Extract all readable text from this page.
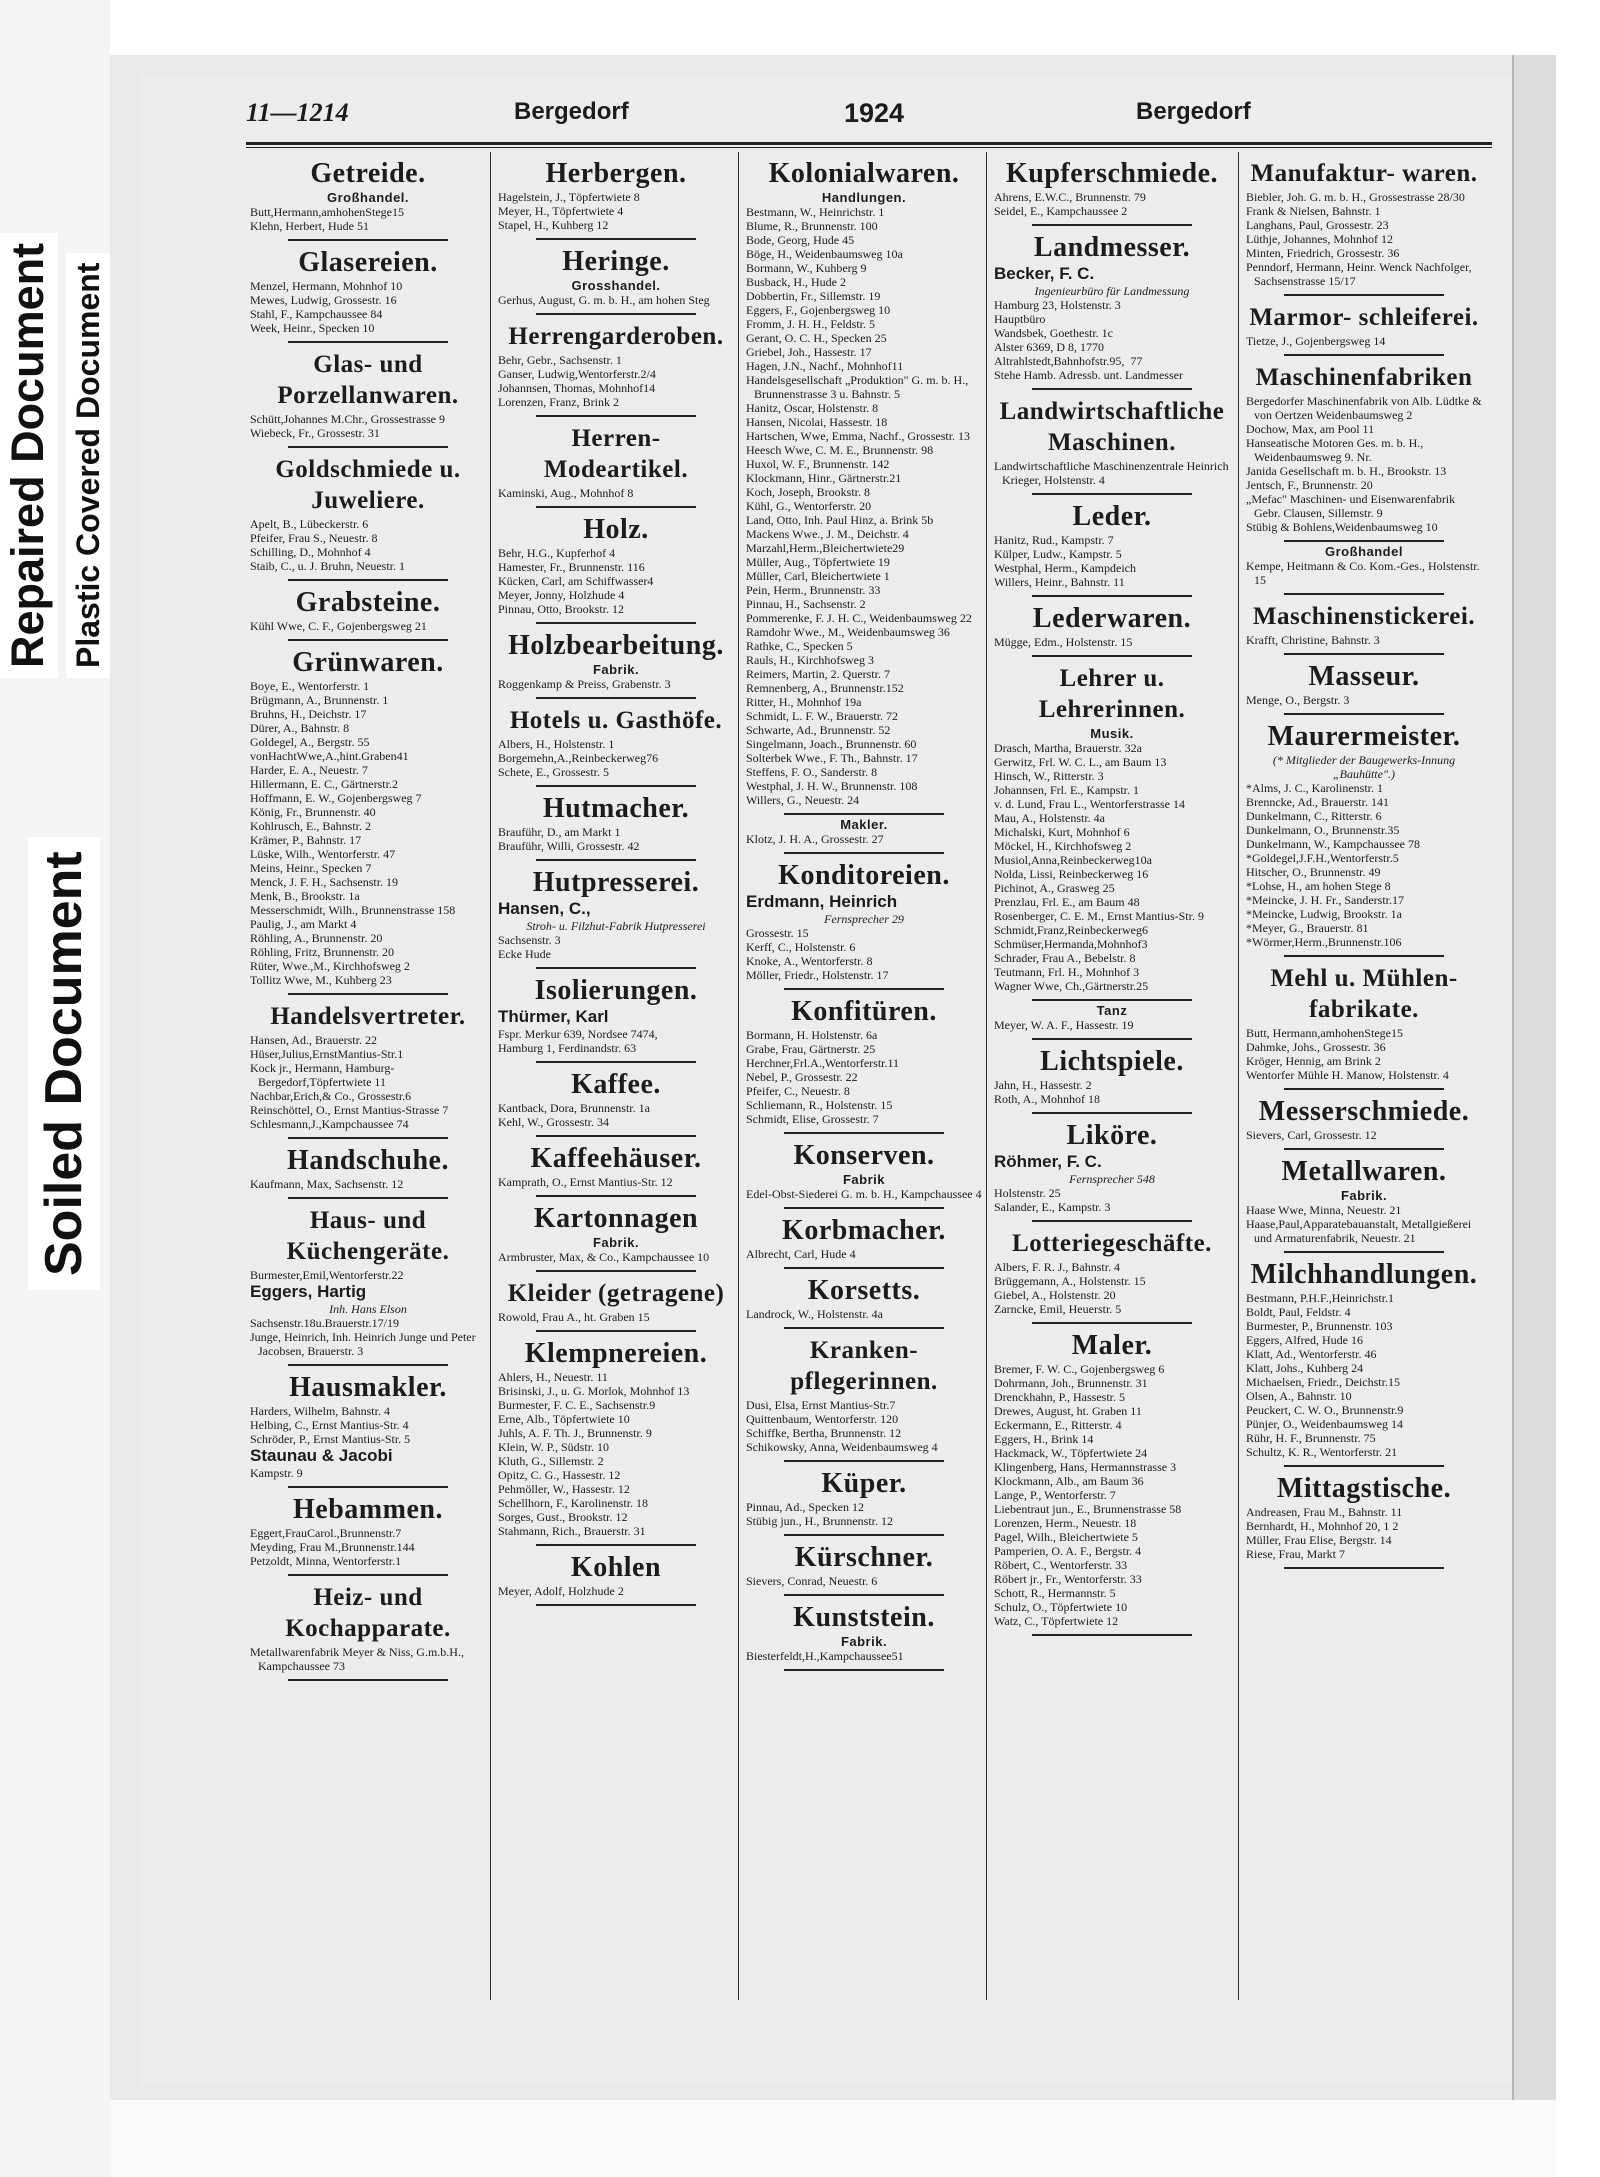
Repaired Document Plastic Covered Document
Soiled Document
11—1214	Bergedorf	1924	Bergedorf
Getreide.
Großhandel.
Butt,Hermann,amhohenStege15
Klehn, Herbert, Hude 51
Glasereien.
Menzel, Hermann, Mohnhof 10
Mewes, Ludwig, Grossestr. 16
Stahl, F., Kampchaussee 84
Week, Heinr., Specken 10
Glas- und Porzellanwaren.
Schütt,Johannes M.Chr., Grossestrasse 9
Wiebeck, Fr., Grossestr. 31
Goldschmiede u. Juweliere.
Apelt, B., Lübeckerstr. 6
Pfeifer, Frau S., Neuestr. 8
Schilling, D., Mohnhof 4
Staib, C., u. J. Bruhn, Neuestr. 1
Grabsteine.
Kühl Wwe, C. F., Gojenbergsweg 21
Grünwaren.
Boye, E., Wentorferstr. 1
Brügmann, A., Brunnenstr. 1
Bruhns, H., Deichstr. 17
Dürer, A., Bahnstr. 8
Goldegel, A., Bergstr. 55
vonHachtWwe,A.,hint.Graben41
Harder, E. A., Neuestr. 7
Hillermann, E. C., Gärtnerstr.2
Hoffmann, E. W., Gojenbergsweg 7
König, Fr., Brunnenstr. 40
Kohlrusch, E., Bahnstr. 2
Krämer, P., Bahnstr. 17
Lüske, Wilh., Wentorferstr. 47
Meins, Heinr., Specken 7
Menck, J. F. H., Sachsenstr. 19
Menk, B., Brookstr. 1a
Messerschmidt, Wilh., Brunnenstrasse 158
Paulig, J., am Markt 4
Röhling, A., Brunnenstr. 20
Röhling, Fritz, Brunnenstr. 20
Rüter, Wwe.,M., Kirchhofsweg 2
Tollitz Wwe, M., Kuhberg 23
Handelsvertreter.
Hansen, Ad., Brauerstr. 22
Hüser,Julius,ErnstMantius-Str.1
Kock jr., Hermann, Hamburg-Bergedorf,Töpfertwiete 11
Nachbar,Erich,& Co., Grossestr.6
Reinschöttel, O., Ernst Mantius-Strasse 7
Schlesmann,J.,Kampchaussee 74
Handschuhe.
Kaufmann, Max, Sachsenstr. 12
Haus- und Küchengeräte.
Burmester,Emil,Wentorferstr.22
Eggers, Hartig
Inh. Hans Elson
Sachsenstr.18u.Brauerstr.17/19
Junge, Heinrich, Inh. Heinrich Junge und Peter Jacobsen, Brauerstr. 3
Hausmakler.
Harders, Wilhelm, Bahnstr. 4
Helbing, C., Ernst Mantius-Str. 4
Schröder, P., Ernst Mantius-Str. 5
Staunau & Jacobi
Kampstr. 9
Hebammen.
Eggert,FrauCarol.,Brunnenstr.7
Meyding, Frau M.,Brunnenstr.144
Petzoldt, Minna, Wentorferstr.1
Heiz- und Kochapparate.
Metallwarenfabrik Meyer & Niss, G.m.b.H., Kampchaussee 73
Herbergen.
Hagelstein, J., Töpfertwiete 8
Meyer, H., Töpfertwiete 4
Stapel, H., Kuhberg 12
Heringe.
Grosshandel.
Gerhus, August, G. m. b. H., am hohen Steg
Herrengarderoben.
Behr, Gebr., Sachsenstr. 1
Ganser, Ludwig,Wentorferstr.2/4
Johannsen, Thomas, Mohnhof14
Lorenzen, Franz, Brink 2
Herren- Modeartikel.
Kaminski, Aug., Mohnhof 8
Holz.
Behr, H.G., Kupferhof 4
Hamester, Fr., Brunnenstr. 116
Kücken, Carl, am Schiffwasser4
Meyer, Jonny, Holzhude 4
Pinnau, Otto, Brookstr. 12
Holzbearbeitung.
Fabrik.
Roggenkamp & Preiss, Grabenstr. 3
Hotels u. Gasthöfe.
Albers, H., Holstenstr. 1
Borgemehn,A.,Reinbeckerweg76
Schete, E., Grossestr. 5
Hutmacher.
Brauführ, D., am Markt 1
Brauführ, Willi, Grossestr. 42
Hutpresserei.
Hansen, C.,
Stroh- u. Filzhut-Fabrik Hutpresserei
Sachsenstr. 3
Ecke Hude
Isolierungen.
Thürmer, Karl
Fspr. Merkur 639, Nordsee 7474,
Hamburg 1, Ferdinandstr. 63
Kaffee.
Kantback, Dora, Brunnenstr. 1a
Kehl, W., Grossestr. 34
Kaffeehäuser.
Kamprath, O., Ernst Mantius-Str. 12
Kartonnagen
Fabrik.
Armbruster, Max, & Co., Kampchaussee 10
Kleider (getragene)
Rowold, Frau A., ht. Graben 15
Klempnereien.
Ahlers, H., Neuestr. 11
Brisinski, J., u. G. Morlok, Mohnhof 13
Burmester, F. C. E., Sachsenstr.9
Erne, Alb., Töpfertwiete 10
Juhls, A. F. Th. J., Brunnenstr. 9
Klein, W. P., Südstr. 10
Kluth, G., Sillemstr. 2
Opitz, C. G., Hassestr. 12
Pehmöller, W., Hassestr. 12
Schellhorn, F., Karolinenstr. 18
Sorges, Gust., Brookstr. 12
Stahmann, Rich., Brauerstr. 31
Kohlen
Meyer, Adolf, Holzhude 2
Kolonialwaren.
Handlungen.
Bestmann, W., Heinrichstr. 1
Blume, R., Brunnenstr. 100
Bode, Georg, Hude 45
Böge, H., Weidenbaumsweg 10a
Bormann, W., Kuhberg 9
Busback, H., Hude 2
Dobbertin, Fr., Sillemstr. 19
Eggers, F., Gojenbergsweg 10
Fromm, J. H. H., Feldstr. 5
Gerant, O. C. H., Specken 25
Griebel, Joh., Hassestr. 17
Hagen, J.N., Nachf., Mohnhof11
Handelsgesellschaft „Produktion" G. m. b. H., Brunnenstrasse 3 u. Bahnstr. 5
Hanitz, Oscar, Holstenstr. 8
Hansen, Nicolai, Hassestr. 18
Hartschen, Wwe, Emma, Nachf., Grossestr. 13
Heesch Wwe, C. M. E., Brunnenstr. 98
Huxol, W. F., Brunnenstr. 142
Klockmann, Hinr., Gärtnerstr.21
Koch, Joseph, Brookstr. 8
Kühl, G., Wentorferstr. 20
Land, Otto, Inh. Paul Hinz, a. Brink 5b
Mackens Wwe., J. M., Deichstr. 4
Marzahl,Herm.,Bleichertwiete29
Müller, Aug., Töpfertwiete 19
Müller, Carl, Bleichertwiete 1
Pein, Herm., Brunnenstr. 33
Pinnau, H., Sachsenstr. 2
Pommerenke, F. J. H. C., Weidenbaumsweg 22
Ramdohr Wwe., M., Weidenbaumsweg 36
Rathke, C., Specken 5
Rauls, H., Kirchhofsweg 3
Reimers, Martin, 2. Querstr. 7
Remnenberg, A., Brunnenstr.152
Ritter, H., Mohnhof 19a
Schmidt, L. F. W., Brauerstr. 72
Schwarte, Ad., Brunnenstr. 52
Singelmann, Joach., Brunnenstr. 60
Solterbek Wwe., F. Th., Bahnstr. 17
Steffens, F. O., Sanderstr. 8
Westphal, J. H. W., Brunnenstr. 108
Willers, G., Neuestr. 24
Makler.
Klotz, J. H. A., Grossestr. 27
Konditoreien.
Erdmann, Heinrich
Fernsprecher 29
Grossestr. 15
Kerff, C., Holstenstr. 6
Knoke, A., Wentorferstr. 8
Möller, Friedr., Holstenstr. 17
Konfitüren.
Bormann, H. Holstenstr. 6a
Grabe, Frau, Gärtnerstr. 25
Herchner,Frl.A.,Wentorferstr.11
Nebel, P., Grossestr. 22
Pfeifer, C., Neuestr. 8
Schliemann, R., Holstenstr. 15
Schmidt, Elise, Grossestr. 7
Konserven.
Fabrik
Edel-Obst-Siederei G. m. b. H., Kampchaussee 4
Korbmacher.
Albrecht, Carl, Hude 4
Korsetts.
Landrock, W., Holstenstr. 4a
Kranken- pflegerinnen.
Dusi, Elsa, Ernst Mantius-Str.7
Quittenbaum, Wentorferstr. 120
Schiffke, Bertha, Brunnenstr. 12
Schikowsky, Anna, Weidenbaumsweg 4
Küper.
Pinnau, Ad., Specken 12
Stübig jun., H., Brunnenstr. 12
Kürschner.
Sievers, Conrad, Neuestr. 6
Kunststein.
Fabrik.
Biesterfeldt,H.,Kampchaussee51
Kupferschmiede.
Ahrens, E.W.C., Brunnenstr. 79
Seidel, E., Kampchaussee 2
Landmesser.
Becker, F. C.
Ingenieurbüro für Landmessung
Hamburg 23, Holstenstr. 3
Hauptbüro
Wandsbek, Goethestr. 1c
Alster 6369, D 8, 1770
Altrahlstedt,Bahnhofstr.95,  77
Stehe Hamb. Adressb. unt. Landmesser
Landwirtschaftliche Maschinen.
Landwirtschaftliche Maschinenzentrale Heinrich Krieger, Holstenstr. 4
Leder.
Hanitz, Rud., Kampstr. 7
Külper, Ludw., Kampstr. 5
Westphal, Herm., Kampdeich
Willers, Heinr., Bahnstr. 11
Lederwaren.
Mügge, Edm., Holstenstr. 15
Lehrer u. Lehrerinnen.
Musik.
Drasch, Martha, Brauerstr. 32a
Gerwitz, Frl. W. C. L., am Baum 13
Hinsch, W., Ritterstr. 3
Johannsen, Frl. E., Kampstr. 1
v. d. Lund, Frau L., Wentorferstrasse 14
Mau, A., Holstenstr. 4a
Michalski, Kurt, Mohnhof 6
Möckel, H., Kirchhofsweg 2
Musiol,Anna,Reinbeckerweg10a
Nolda, Lissi, Reinbeckerweg 16
Pichinot, A., Grasweg 25
Prenzlau, Frl. E., am Baum 48
Rosenberger, C. E. M., Ernst Mantius-Str. 9
Schmidt,Franz,Reinbeckerweg6
Schmüser,Hermanda,Mohnhof3
Schrader, Frau A., Bebelstr. 8
Teutmann, Frl. H., Mohnhof 3
Wagner Wwe, Ch.,Gärtnerstr.25
Tanz
Meyer, W. A. F., Hassestr. 19
Lichtspiele.
Jahn, H., Hassestr. 2
Roth, A., Mohnhof 18
Liköre.
Röhmer, F. C.
Fernsprecher 548
Holstenstr. 25
Salander, E., Kampstr. 3
Lotteriegeschäfte.
Albers, F. R. J., Bahnstr. 4
Brüggemann, A., Holstenstr. 15
Giebel, A., Holstenstr. 20
Zarncke, Emil, Heuerstr. 5
Maler.
Bremer, F. W. C., Gojenbergsweg 6
Dohrmann, Joh., Brunnenstr. 31
Drenckhahn, P., Hassestr. 5
Drewes, August, ht. Graben 11
Eckermann, E., Ritterstr. 4
Eggers, H., Brink 14
Hackmack, W., Töpfertwiete 24
Klingenberg, Hans, Hermannstrasse 3
Klockmann, Alb., am Baum 36
Lange, P., Wentorferstr. 7
Liebentraut jun., E., Brunnenstrasse 58
Lorenzen, Herm., Neuestr. 18
Pagel, Wilh., Bleichertwiete 5
Pamperien, O. A. F., Bergstr. 4
Röbert, C., Wentorferstr. 33
Röbert jr., Fr., Wentorferstr. 33
Schott, R., Hermannstr. 5
Schulz, O., Töpfertwiete 10
Watz, C., Töpfertwiete 12
Manufaktur- waren.
Biebler, Joh. G. m. b. H., Grossestrasse 28/30
Frank & Nielsen, Bahnstr. 1
Langhans, Paul, Grossestr. 23
Lüthje, Johannes, Mohnhof 12
Minten, Friedrich, Grossestr. 36
Penndorf, Hermann, Heinr. Wenck Nachfolger, Sachsenstrasse 15/17
Marmor- schleiferei.
Tietze, J., Gojenbergsweg 14
Maschinenfabriken
Bergedorfer Maschinenfabrik von Alb. Lüdtke & von Oertzen Weidenbaumsweg 2
Dochow, Max, am Pool 11
Hanseatische Motoren Ges. m. b. H., Weidenbaumsweg 9. Nr.
Janida Gesellschaft m. b. H., Brookstr. 13
Jentsch, F., Brunnenstr. 20
„Mefac" Maschinen- und Eisenwarenfabrik Gebr. Clausen, Sillemstr. 9
Stübig & Bohlens,Weidenbaumsweg 10
Großhandel
Kempe, Heitmann & Co. Kom.-Ges., Holstenstr. 15
Maschinenstickerei.
Krafft, Christine, Bahnstr. 3
Masseur.
Menge, O., Bergstr. 3
Maurermeister.
(* Mitglieder der Baugewerks-Innung „Bauhütte".)
*Alms, J. C., Karolinenstr. 1
Brenncke, Ad., Brauerstr. 141
Dunkelmann, C., Ritterstr. 6
Dunkelmann, O., Brunnenstr.35
Dunkelmann, W., Kampchaussee 78
*Goldegel,J.F.H.,Wentorferstr.5
Hitscher, O., Brunnenstr. 49
*Lohse, H., am hohen Stege 8
*Meincke, J. H. Fr., Sanderstr.17
*Meincke, Ludwig, Brookstr. 1a
*Meyer, G., Brauerstr. 81
*Wörmer,Herm.,Brunnenstr.106
Mehl u. Mühlen- fabrikate.
Butt, Hermann,amhohenStege15
Dahmke, Johs., Grossestr. 36
Kröger, Hennig, am Brink 2
Wentorfer Mühle H. Manow, Holstenstr. 4
Messerschmiede.
Sievers, Carl, Grossestr. 12
Metallwaren.
Fabrik.
Haase Wwe, Minna, Neuestr. 21
Haase,Paul,Apparatebauanstalt, Metallgießerei und Armaturenfabrik, Neuestr. 21
Milchhandlungen.
Bestmann, P.H.F.,Heinrichstr.1
Boldt, Paul, Feldstr. 4
Burmester, P., Brunnenstr. 103
Eggers, Alfred, Hude 16
Klatt, Ad., Wentorferstr. 46
Klatt, Johs., Kuhberg 24
Michaelsen, Friedr., Deichstr.15
Olsen, A., Bahnstr. 10
Peuckert, C. W. O., Brunnenstr.9
Pünjer, O., Weidenbaumsweg 14
Rühr, H. F., Brunnenstr. 75
Schultz, K. R., Wentorferstr. 21
Mittagstische.
Andreasen, Frau M., Bahnstr. 11
Bernhardt, H., Mohnhof 20, 1 2
Müller, Frau Elise, Bergstr. 14
Riese, Frau, Markt 7
